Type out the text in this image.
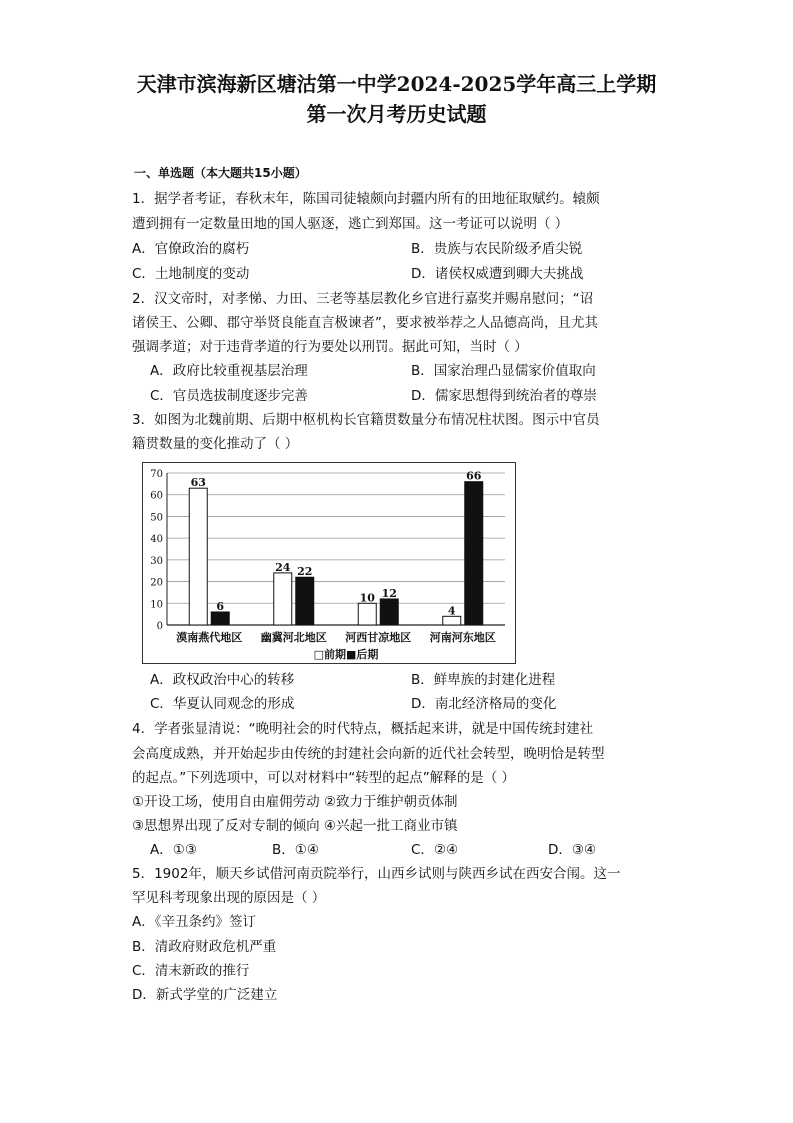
天津市滨海新区塘沽第一中学2024-2025学年高三上学期
第一次月考历史试题
一、单选题（本大题共15小题）
1．据学者考证，春秋末年，陈国司徒辕颇向封疆内所有的田地征取赋约。辕颇
遭到拥有一定数量田地的国人驱逐，逃亡到郑国。这一考证可以说明（ ）
A．官僚政治的腐朽	B．贵族与农民阶级矛盾尖锐
C．土地制度的变动	D．诸侯权威遭到卿大夫挑战
2．汉文帝时，对孝悌、力田、三老等基层教化乡官进行嘉奖并赐帛慰问；“诏
诸侯王、公卿、郡守举贤良能直言极谏者”，要求被举荐之人品德高尚，且尤其
强调孝道；对于违背孝道的行为要处以刑罚。据此可知，当时（ ）
A．政府比较重视基层治理	B．国家治理凸显儒家价值取向
C．官员选拔制度逐步完善	D．儒家思想得到统治者的尊崇
3．如图为北魏前期、后期中枢机构长官籍贯数量分布情况柱状图。图示中官员
籍贯数量的变化推动了（ ）
0
10
20
30
40
50
60
70
63
6
漠南燕代地区
24 22
幽冀河北地区
10 12
河西甘凉地区
4
66
河南河东地区
□前期■后期
A．政权政治中心的转移	B．鲜卑族的封建化进程
C．华夏认同观念的形成	D．南北经济格局的变化
4．学者张显清说：“晚明社会的时代特点，概括起来讲，就是中国传统封建社
会高度成熟，并开始起步由传统的封建社会向新的近代社会转型，晚明恰是转型
的起点。”下列选项中，可以对材料中“转型的起点”解释的是（ ）
①开设工场，使用自由雇佣劳动 ②致力于维护朝贡体制
③思想界出现了反对专制的倾向 ④兴起一批工商业市镇
A．①③	B．①④	C．②④	D．③④
5．1902年，顺天乡试借河南贡院举行，山西乡试则与陕西乡试在西安合闱。这一
罕见科考现象出现的原因是（ ）
A．《辛丑条约》签订
B．清政府财政危机严重
C．清末新政的推行
D．新式学堂的广泛建立
